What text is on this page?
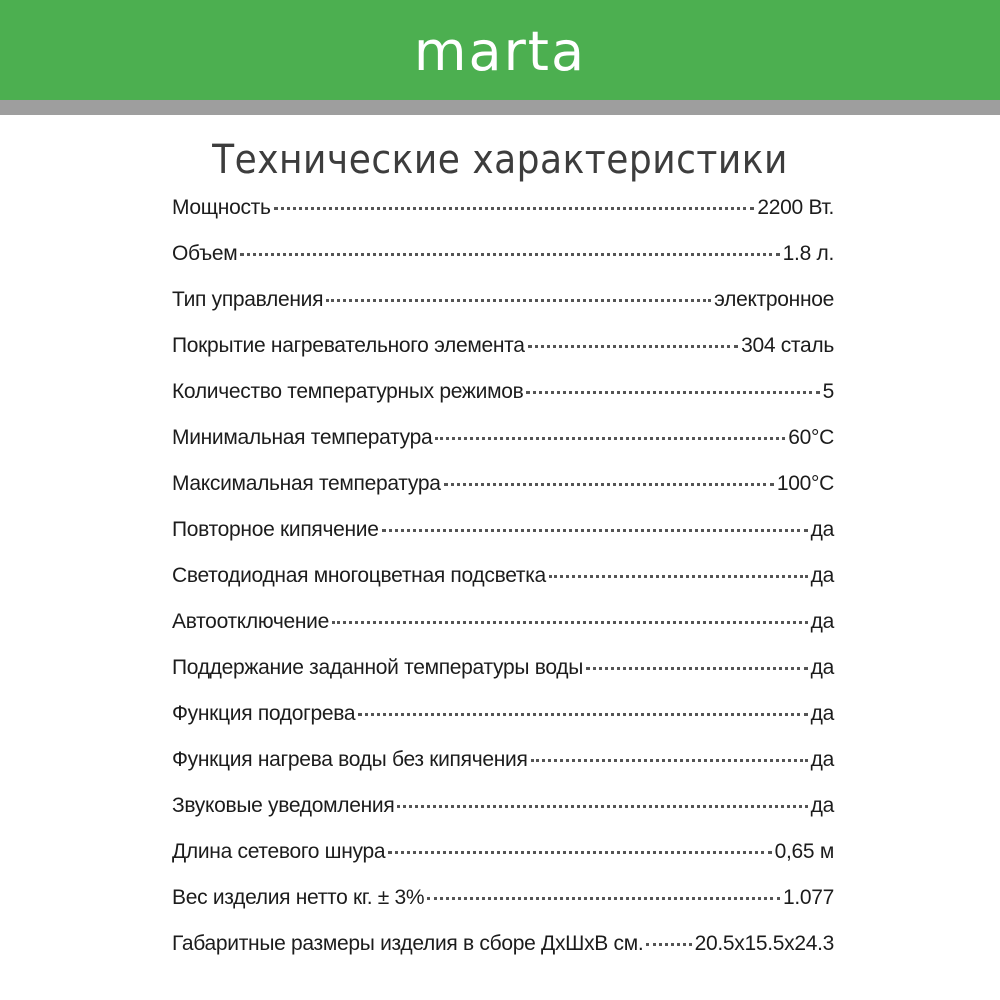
marta
Технические характеристики
Мощность	2200 Вт.
Объем	1.8 л.
Тип управления	электронное
Покрытие нагревательного элемента	304 сталь
Количество температурных режимов	5
Минимальная температура	60°С
Максимальная температура	100°С
Повторное кипячение	да
Светодиодная многоцветная подсветка	да
Автоотключение	да
Поддержание заданной температуры воды	да
Функция подогрева	да
Функция нагрева воды без кипячения	да
Звуковые уведомления	да
Длина сетевого шнура	0,65 м
Вес изделия нетто кг. ± 3%	1.077
Габаритные размеры изделия в сборе ДхШхВ см. 20.5х15.5х24.3
